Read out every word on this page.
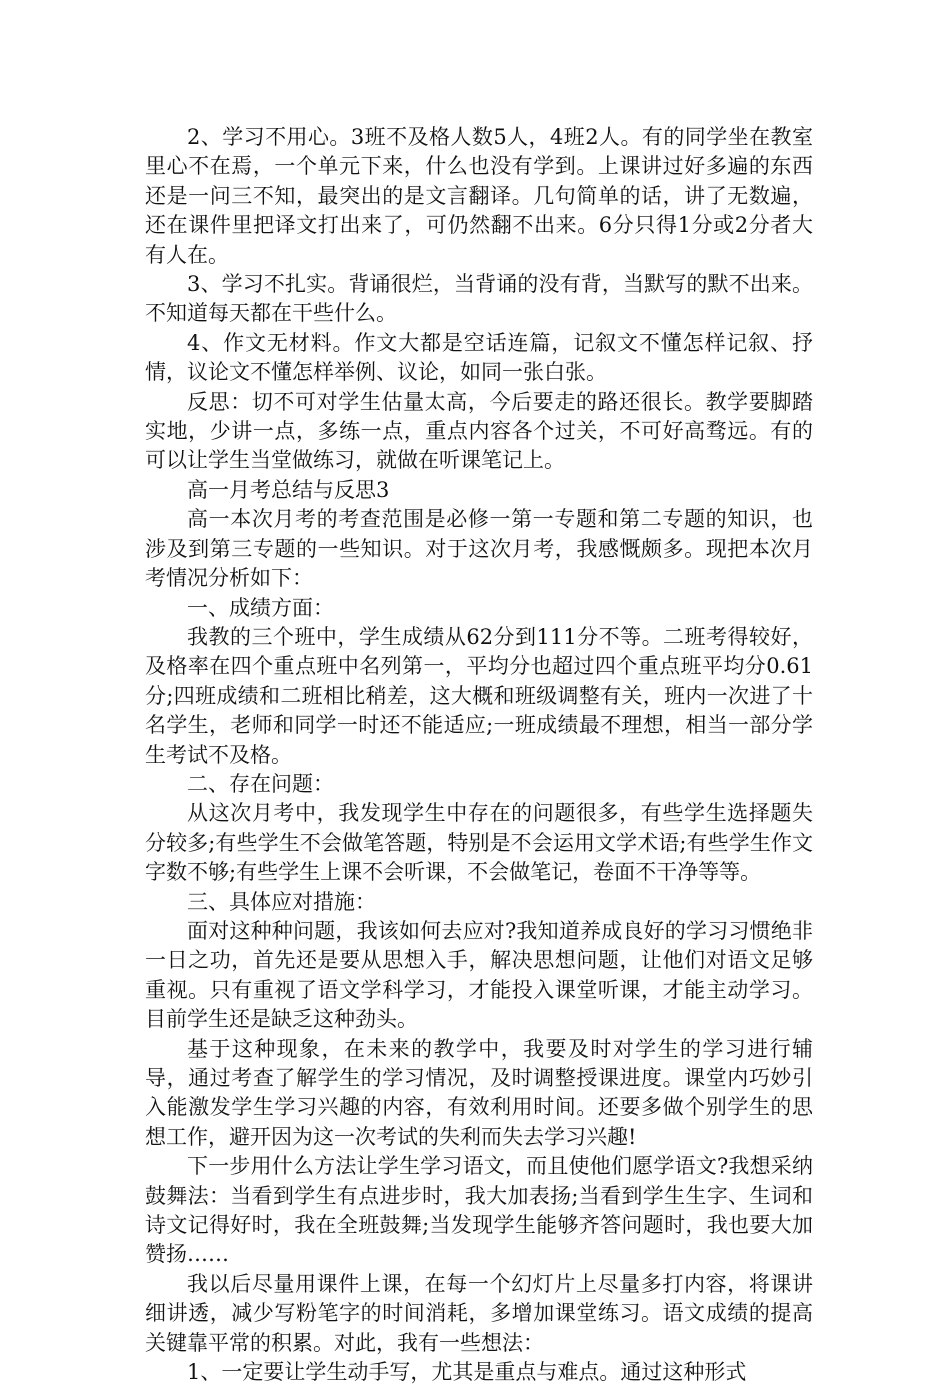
2、学习不用心。3班不及格人数5人，4班2人。有的同学坐在教室里心不在焉，一个单元下来，什么也没有学到。上课讲过好多遍的东西还是一问三不知，最突出的是文言翻译。几句简单的话，讲了无数遍，还在课件里把译文打出来了，可仍然翻不出来。6分只得1分或2分者大有人在。

3、学习不扎实。背诵很烂，当背诵的没有背，当默写的默不出来。不知道每天都在干些什么。

4、作文无材料。作文大都是空话连篇，记叙文不懂怎样记叙、抒情，议论文不懂怎样举例、议论，如同一张白张。

反思：切不可对学生估量太高，今后要走的路还很长。教学要脚踏实地，少讲一点，多练一点，重点内容各个过关，不可好高骛远。有的可以让学生当堂做练习，就做在听课笔记上。

高一月考总结与反思3

高一本次月考的考查范围是必修一第一专题和第二专题的知识，也涉及到第三专题的一些知识。对于这次月考，我感慨颇多。现把本次月考情况分析如下：

一、成绩方面：

我教的三个班中，学生成绩从62分到111分不等。二班考得较好，及格率在四个重点班中名列第一，平均分也超过四个重点班平均分0.61分;四班成绩和二班相比稍差，这大概和班级调整有关，班内一次进了十名学生，老师和同学一时还不能适应;一班成绩最不理想，相当一部分学生考试不及格。

二、存在问题：

从这次月考中，我发现学生中存在的问题很多，有些学生选择题失分较多;有些学生不会做笔答题，特别是不会运用文学术语;有些学生作文字数不够;有些学生上课不会听课，不会做笔记，卷面不干净等等。

三、具体应对措施：

面对这种种问题，我该如何去应对?我知道养成良好的学习习惯绝非一日之功，首先还是要从思想入手，解决思想问题，让他们对语文足够重视。只有重视了语文学科学习，才能投入课堂听课，才能主动学习。目前学生还是缺乏这种劲头。

基于这种现象，在未来的教学中，我要及时对学生的学习进行辅导，通过考查了解学生的学习情况，及时调整授课进度。课堂内巧妙引入能激发学生学习兴趣的内容，有效利用时间。还要多做个别学生的思想工作，避开因为这一次考试的失利而失去学习兴趣!

下一步用什么方法让学生学习语文，而且使他们愿学语文?我想采纳鼓舞法：当看到学生有点进步时，我大加表扬;当看到学生生字、生词和诗文记得好时，我在全班鼓舞;当发现学生能够齐答问题时，我也要大加赞扬……

我以后尽量用课件上课，在每一个幻灯片上尽量多打内容，将课讲细讲透，减少写粉笔字的时间消耗，多增加课堂练习。语文成绩的提高关键靠平常的积累。对此，我有一些想法：

1、一定要让学生动手写，尤其是重点与难点。通过这种形式
